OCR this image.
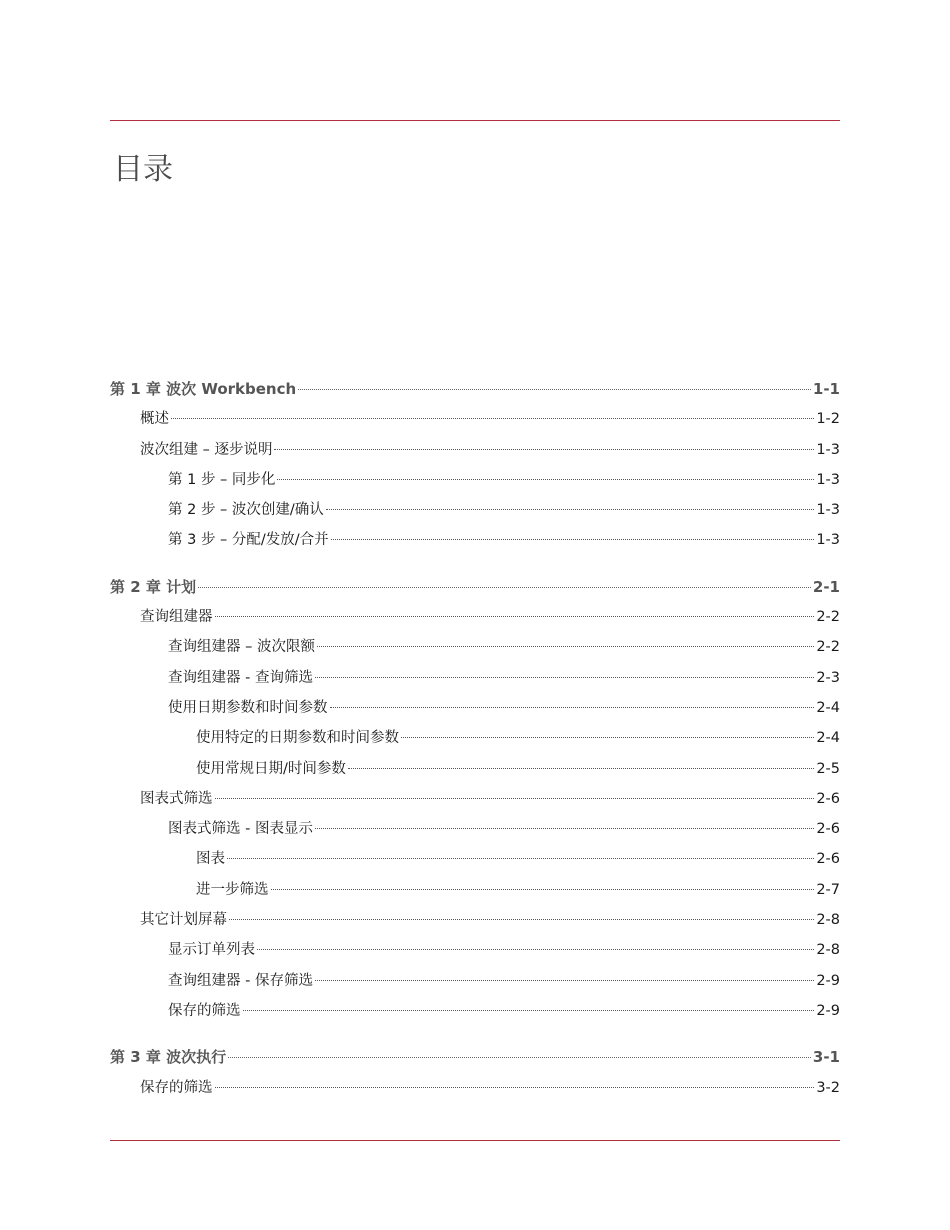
目录
第 1 章 波次 Workbench	1-1
概述	1-2
波次组建 – 逐步说明	1-3
第 1 步 – 同步化	1-3
第 2 步 – 波次创建/确认	1-3
第 3 步 – 分配/发放/合并	1-3
第 2 章 计划	2-1
查询组建器	2-2
查询组建器 – 波次限额	2-2
查询组建器 - 查询筛选	2-3
使用日期参数和时间参数	2-4
使用特定的日期参数和时间参数	2-4
使用常规日期/时间参数	2-5
图表式筛选	2-6
图表式筛选 - 图表显示	2-6
图表	2-6
进一步筛选	2-7
其它计划屏幕	2-8
显示订单列表	2-8
查询组建器 - 保存筛选	2-9
保存的筛选	2-9
第 3 章 波次执行	3-1
保存的筛选	3-2
